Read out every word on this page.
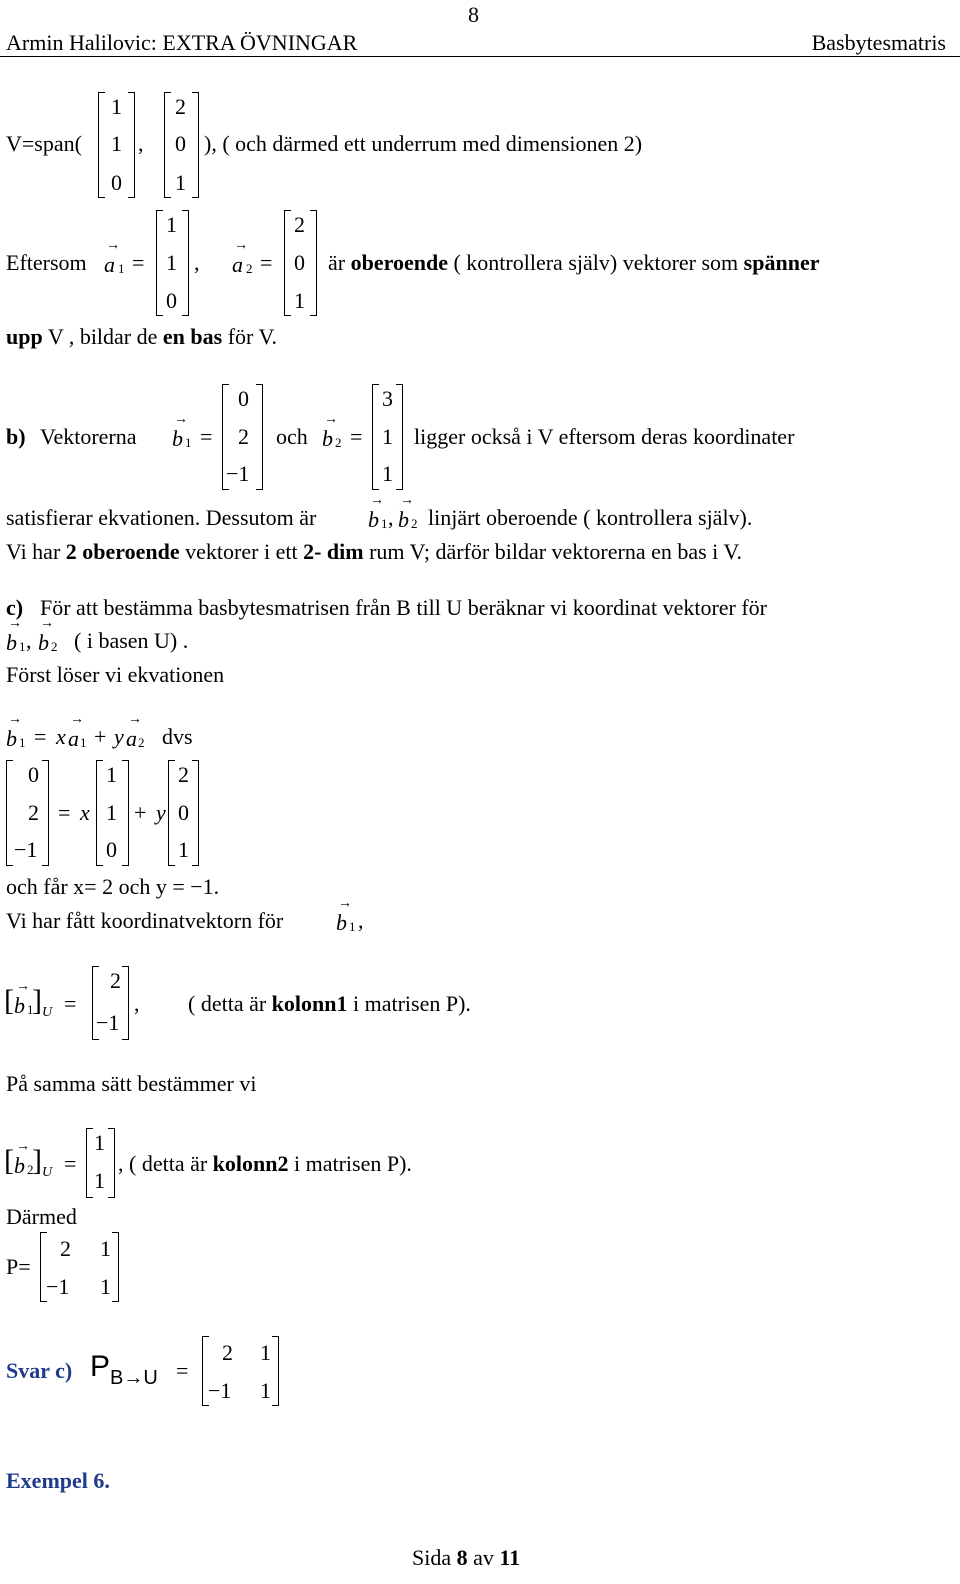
8
Armin Halilovic: EXTRA ÖVNINGAR	Basbytesmatris
V=span(
1
1
0
,
2
0
1
), ( och därmed ett underrum med dimensionen 2)
Eftersom a → 1 =
1
1
0
, a → 2 =
2
0
1
är oberoende ( kontrollera själv) vektorer som spänner
upp V , bildar de en bas för V.
b) Vektorerna b → 1 =
0
2
−1
och b → 2 =
3
1
1
ligger också i V eftersom deras koordinater
satisfierar ekvationen. Dessutom är b → 1 , b → 2 linjärt oberoende ( kontrollera själv).
Vi har 2 oberoende vektorer i ett 2- dim rum V; därför bildar vektorerna en bas i V.
c) För att bestämma basbytesmatrisen från B till U beräknar vi koordinat vektorer för
b → 1 , b → 2 ( i basen U) .
Först löser vi ekvationen
b → 1 = x a → 1 + y a → 2 dvs
0
2
−1
= x
1
1
0
+ y
2
0
1
och får x= 2 och y = −1.
Vi har fått koordinatvektorn för b → 1 ,
[ b → 1
] U =
2
−1
, ( detta är kolonn1 i matrisen P).
På samma sätt bestämmer vi
[ b → 2
] U =
1
1
, ( detta är kolonn2 i matrisen P).
Därmed
P=
2 1
−1 1
Svar c) $P_{B\to U}$ =
2 1
−1 1
Exempel 6.
Sida 8 av 11
